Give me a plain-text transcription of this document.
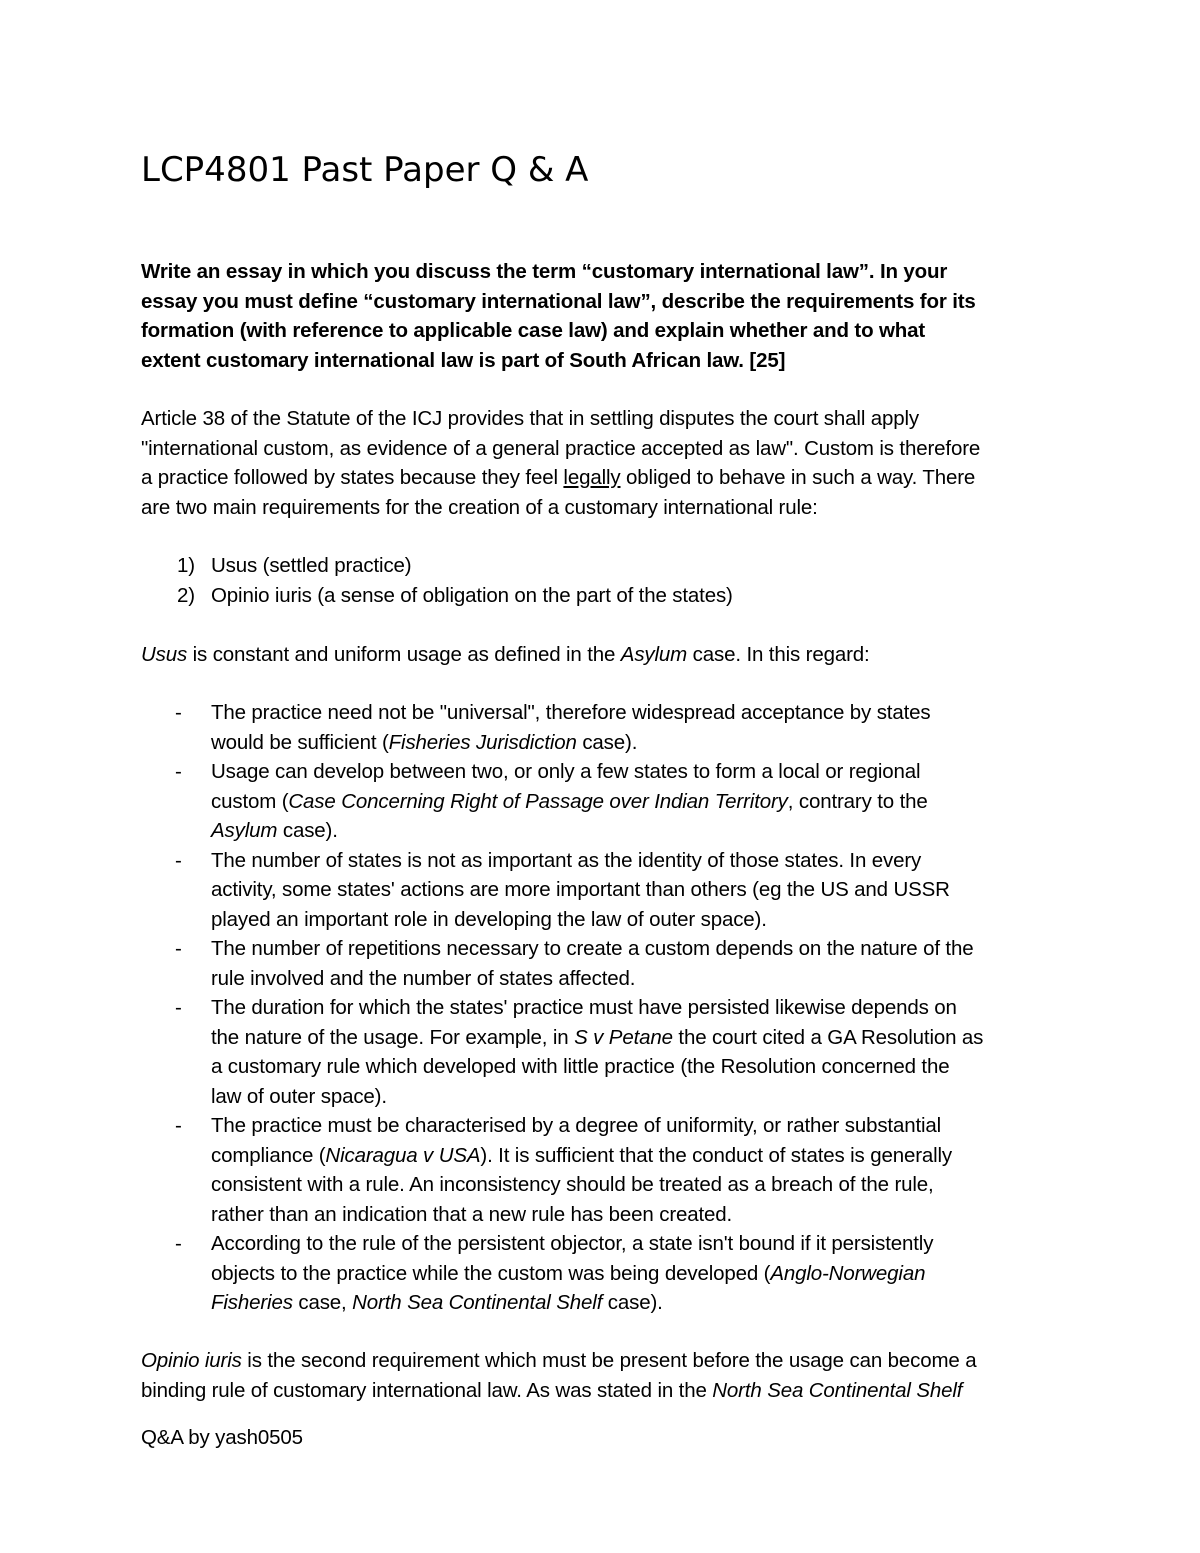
LCP4801 Past Paper Q & A

Write an essay in which you discuss the term “customary international law”. In your
essay you must define “customary international law”, describe the requirements for its
formation (with reference to applicable case law) and explain whether and to what
extent customary international law is part of South African law. [25]

Article 38 of the Statute of the ICJ provides that in settling disputes the court shall apply
"international custom, as evidence of a general practice accepted as law". Custom is therefore
a practice followed by states because they feel legally obliged to behave in such a way. There
are two main requirements for the creation of a customary international rule:

1) Usus (settled practice)
2) Opinio iuris (a sense of obligation on the part of the states)

Usus is constant and uniform usage as defined in the Asylum case. In this regard:

- The practice need not be "universal", therefore widespread acceptance by states
would be sufficient (Fisheries Jurisdiction case).
- Usage can develop between two, or only a few states to form a local or regional
custom (Case Concerning Right of Passage over Indian Territory, contrary to the
Asylum case).
- The number of states is not as important as the identity of those states. In every
activity, some states' actions are more important than others (eg the US and USSR
played an important role in developing the law of outer space).
- The number of repetitions necessary to create a custom depends on the nature of the
rule involved and the number of states affected.
- The duration for which the states' practice must have persisted likewise depends on
the nature of the usage. For example, in S v Petane the court cited a GA Resolution as
a customary rule which developed with little practice (the Resolution concerned the
law of outer space).
- The practice must be characterised by a degree of uniformity, or rather substantial
compliance (Nicaragua v USA). It is sufficient that the conduct of states is generally
consistent with a rule. An inconsistency should be treated as a breach of the rule,
rather than an indication that a new rule has been created.
- According to the rule of the persistent objector, a state isn't bound if it persistently
objects to the practice while the custom was being developed (Anglo-Norwegian
Fisheries case, North Sea Continental Shelf case).

Opinio iuris is the second requirement which must be present before the usage can become a
binding rule of customary international law. As was stated in the North Sea Continental Shelf

Q&A by yash0505
